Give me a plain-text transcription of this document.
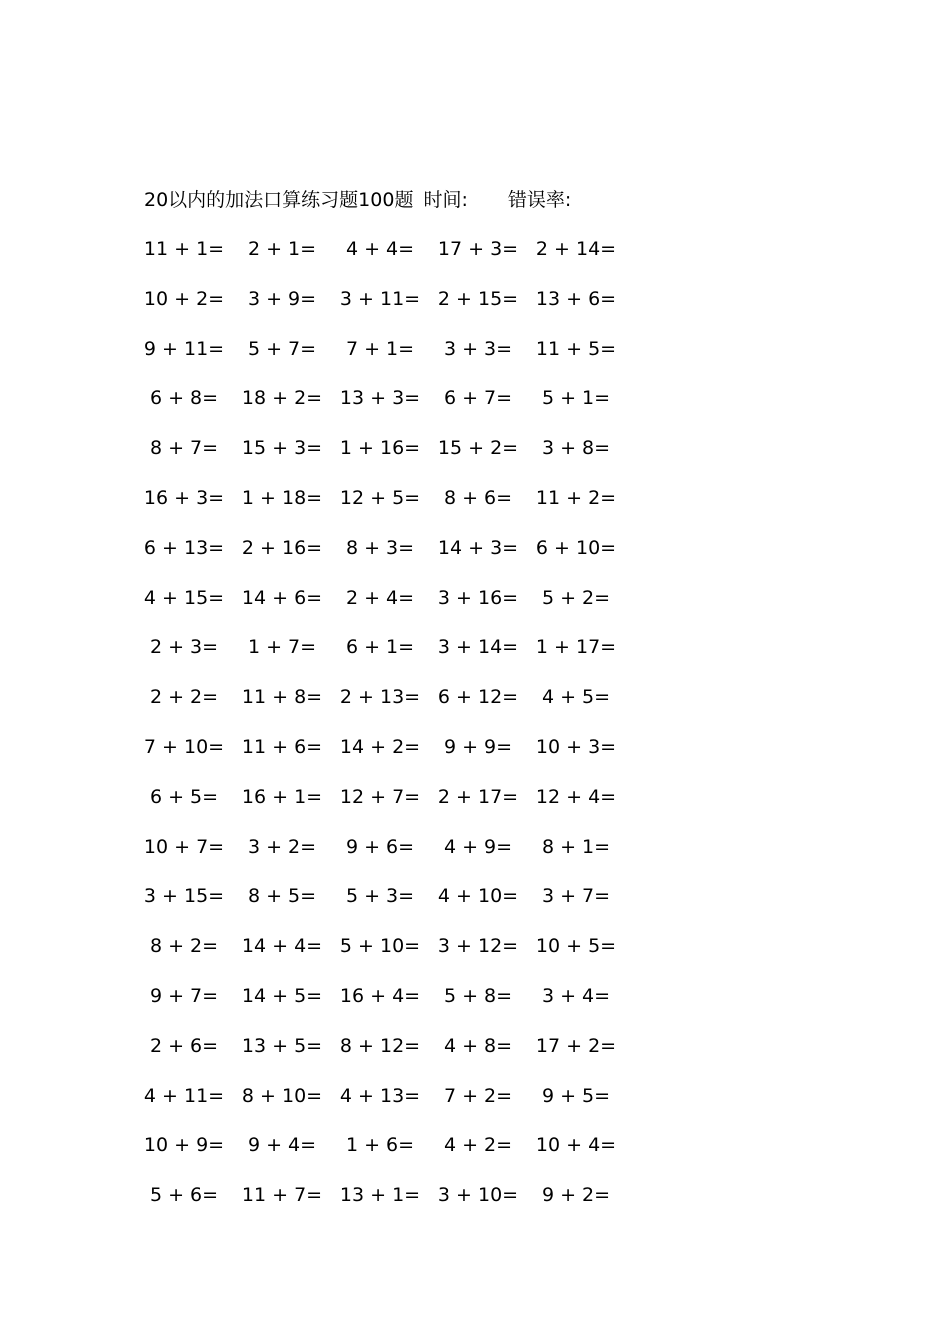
20以内的加法口算练习题100题 时间: 错误率:
11 + 1=	2 + 1=	4 + 4=	17 + 3= 2 + 14=
10 + 2=	3 + 9=	3 + 11= 2 + 15= 13 + 6=
9 + 11=	5 + 7=	7 + 1=	3 + 3=	11 + 5=
6 + 8=	18 + 2= 13 + 3=	6 + 7=	5 + 1=
8 + 7=	15 + 3= 1 + 16= 15 + 2=	3 + 8=
16 + 3= 1 + 18= 12 + 5=	8 + 6=	11 + 2=
6 + 13= 2 + 16=	8 + 3=	14 + 3= 6 + 10=
4 + 15= 14 + 6=	2 + 4=	3 + 16=	5 + 2=
2 + 3=	1 + 7=	6 + 1=	3 + 14= 1 + 17=
2 + 2=	11 + 8= 2 + 13= 6 + 12=	4 + 5=
7 + 10= 11 + 6= 14 + 2=	9 + 9=	10 + 3=
6 + 5=	16 + 1= 12 + 7= 2 + 17= 12 + 4=
10 + 7=	3 + 2=	9 + 6=	4 + 9=	8 + 1=
3 + 15=	8 + 5=	5 + 3=	4 + 10=	3 + 7=
8 + 2=	14 + 4= 5 + 10= 3 + 12= 10 + 5=
9 + 7=	14 + 5= 16 + 4=	5 + 8=	3 + 4=
2 + 6=	13 + 5= 8 + 12=	4 + 8=	17 + 2=
4 + 11= 8 + 10= 4 + 13=	7 + 2=	9 + 5=
10 + 9=	9 + 4=	1 + 6=	4 + 2=	10 + 4=
5 + 6=	11 + 7= 13 + 1= 3 + 10=	9 + 2=
